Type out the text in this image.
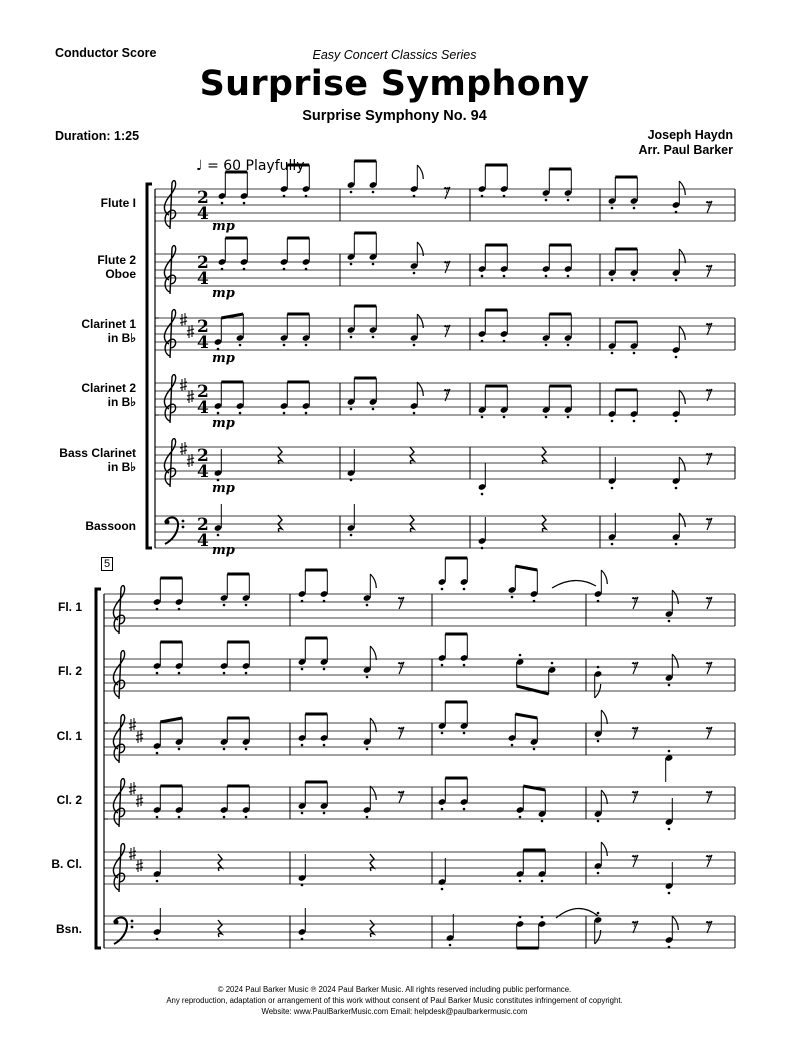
Conductor Score	Easy Concert Classics Series
Surprise Symphony
Surprise Symphony No. 94
Duration: 1:25	Joseph Haydn
Arr. Paul Barker
♩ = 60 Playfully
Flute I
Flute 2
Oboe
Clarinet 1
in B♭
Clarinet 2
in B♭
Bass Clarinet
in B♭
Bassoon
mp
mp
mp
mp
mp
mp
5
Fl. 1
Fl. 2
Cl. 1
Cl. 2
B. Cl.
Bsn.
2
4
2
4
2
4
2
4
2
4
2
4
𝄾
𝄾
𝄾	𝄾
𝄾	𝄾
𝄾	𝄾
𝄾
𝄾
𝄾	𝄾	𝄾
𝄾	𝄾	𝄾
𝄾	𝄾	𝄾
𝄾	𝄾	𝄾
𝄾	𝄾
𝄾	𝄾
© 2024 Paul Barker Music ℗ 2024 Paul Barker Music. All rights reserved including public performance.
Any reproduction, adaptation or arrangement of this work without consent of Paul Barker Music constitutes infringement of copyright.
Website: www.PaulBarkerMusic.com Email: helpdesk@paulbarkermusic.com
